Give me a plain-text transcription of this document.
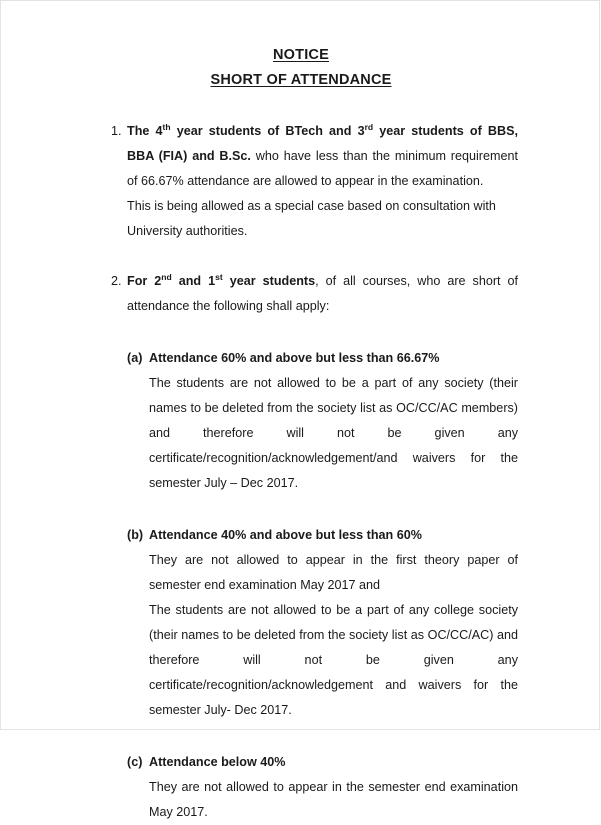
NOTICE
SHORT OF ATTENDANCE
1. The 4th year students of BTech and 3rd year students of BBS, BBA (FIA) and B.Sc. who have less than the minimum requirement of 66.67% attendance are allowed to appear in the examination.

This is being allowed as a special case based on consultation with University authorities.

2. For 2nd and 1st year students, of all courses, who are short of attendance the following shall apply:

(a) Attendance 60% and above but less than 66.67%

The students are not allowed to be a part of any society (their names to be deleted from the society list as OC/CC/AC members) and therefore will not be given any certificate/recognition/acknowledgement/and waivers for the semester July – Dec 2017.

(b) Attendance 40% and above but less than 60%

They are not allowed to appear in the first theory paper of semester end examination May 2017 and

The students are not allowed to be a part of any college society (their names to be deleted from the society list as OC/CC/AC) and therefore will not be given any certificate/recognition/acknowledgement and waivers for the semester July- Dec 2017.

(c) Attendance below 40%

They are not allowed to appear in the semester end examination May 2017.
